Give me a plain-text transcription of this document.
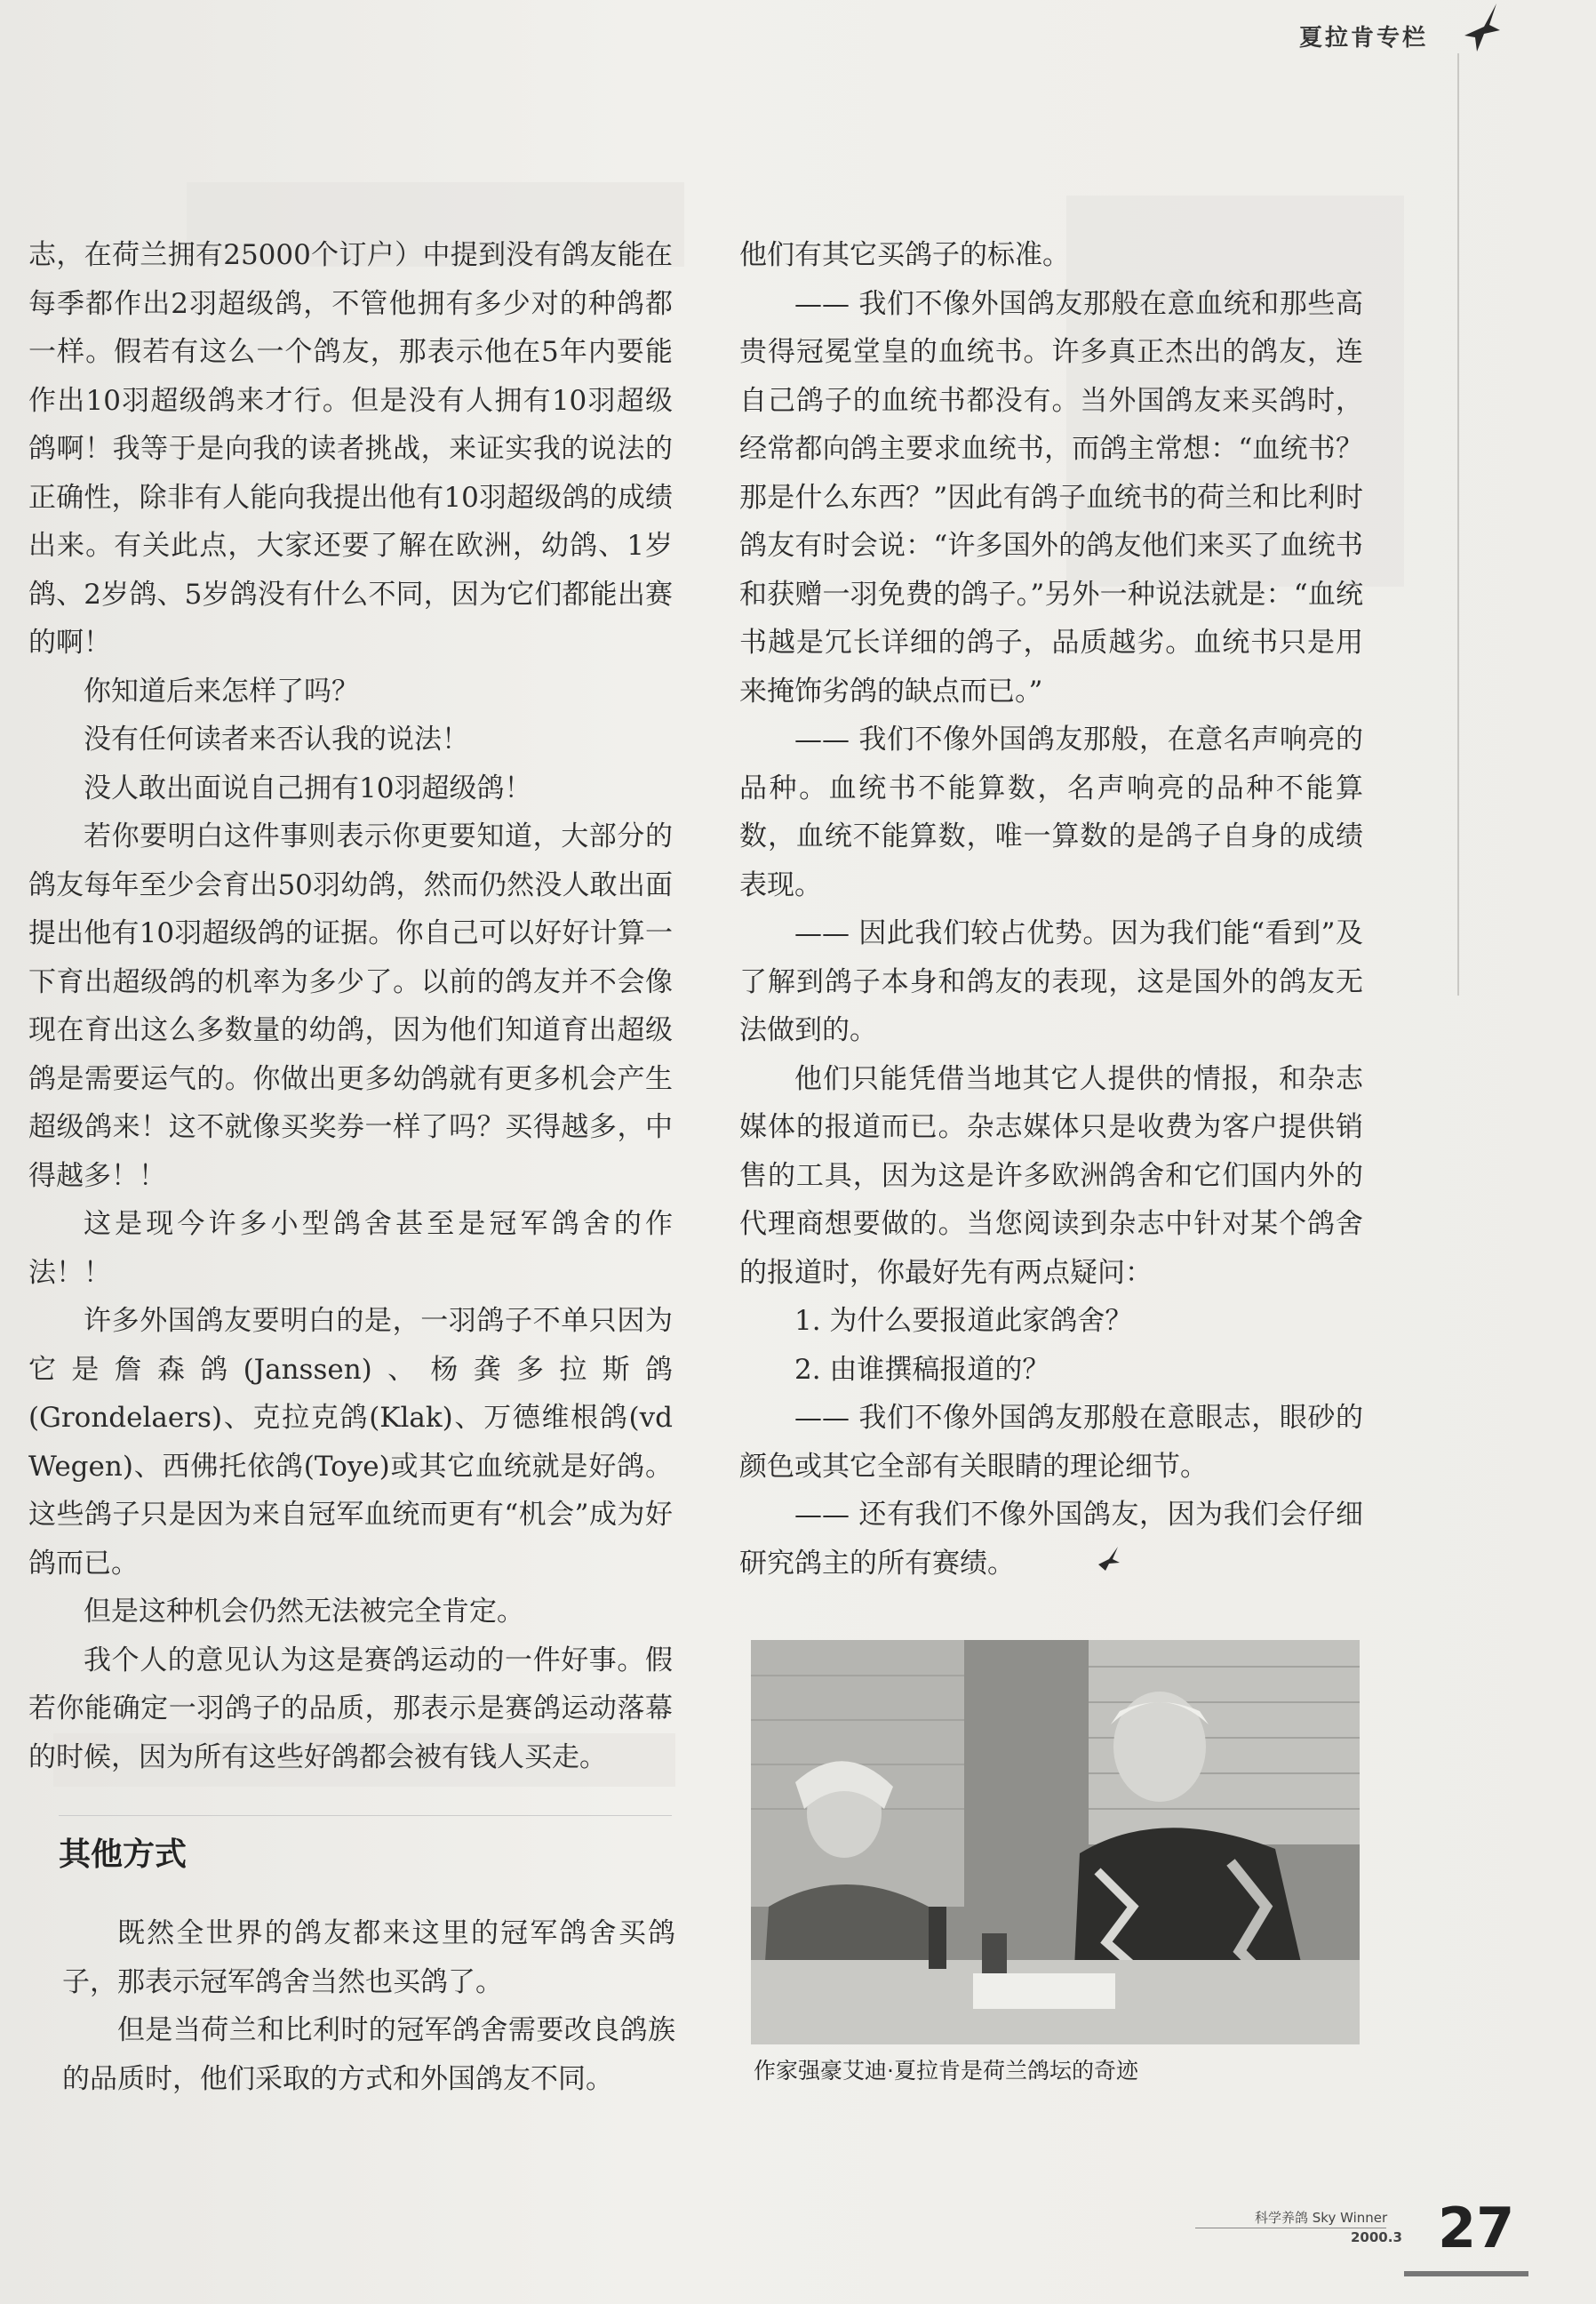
夏拉肯专栏

志，在荷兰拥有25000个订户）中提到没有鸽友能在每季都作出2羽超级鸽，不管他拥有多少对的种鸽都一样。假若有这么一个鸽友，那表示他在5年内要能作出10羽超级鸽来才行。但是没有人拥有10羽超级鸽啊！我等于是向我的读者挑战，来证实我的说法的正确性，除非有人能向我提出他有10羽超级鸽的成绩出来。有关此点，大家还要了解在欧洲，幼鸽、1岁鸽、2岁鸽、5岁鸽没有什么不同，因为它们都能出赛的啊！

你知道后来怎样了吗？

没有任何读者来否认我的说法！

没人敢出面说自己拥有10羽超级鸽！

若你要明白这件事则表示你更要知道，大部分的鸽友每年至少会育出50羽幼鸽，然而仍然没人敢出面提出他有10羽超级鸽的证据。你自己可以好好计算一下育出超级鸽的机率为多少了。以前的鸽友并不会像现在育出这么多数量的幼鸽，因为他们知道育出超级鸽是需要运气的。你做出更多幼鸽就有更多机会产生超级鸽来！这不就像买奖券一样了吗？买得越多，中得越多！！

这是现今许多小型鸽舍甚至是冠军鸽舍的作法！！

许多外国鸽友要明白的是，一羽鸽子不单只因为它是詹森鸽(Janssen)、杨龚多拉斯鸽(Grondelaers)、克拉克鸽(Klak)、万德维根鸽(vd Wegen)、西佛托依鸽(Toye)或其它血统就是好鸽。这些鸽子只是因为来自冠军血统而更有“机会”成为好鸽而已。

但是这种机会仍然无法被完全肯定。

我个人的意见认为这是赛鸽运动的一件好事。假若你能确定一羽鸽子的品质，那表示是赛鸽运动落幕的时候，因为所有这些好鸽都会被有钱人买走。

其他方式

既然全世界的鸽友都来这里的冠军鸽舍买鸽子，那表示冠军鸽舍当然也买鸽了。

但是当荷兰和比利时的冠军鸽舍需要改良鸽族的品质时，他们采取的方式和外国鸽友不同。

他们有其它买鸽子的标准。

—— 我们不像外国鸽友那般在意血统和那些高贵得冠冕堂皇的血统书。许多真正杰出的鸽友，连自己鸽子的血统书都没有。当外国鸽友来买鸽时，经常都向鸽主要求血统书，而鸽主常想：“血统书？那是什么东西？”因此有鸽子血统书的荷兰和比利时鸽友有时会说：“许多国外的鸽友他们来买了血统书和获赠一羽免费的鸽子。”另外一种说法就是：“血统书越是冗长详细的鸽子，品质越劣。血统书只是用来掩饰劣鸽的缺点而已。”

—— 我们不像外国鸽友那般，在意名声响亮的品种。血统书不能算数，名声响亮的品种不能算数，血统不能算数，唯一算数的是鸽子自身的成绩表现。

—— 因此我们较占优势。因为我们能“看到”及了解到鸽子本身和鸽友的表现，这是国外的鸽友无法做到的。

他们只能凭借当地其它人提供的情报，和杂志媒体的报道而已。杂志媒体只是收费为客户提供销售的工具，因为这是许多欧洲鸽舍和它们国内外的代理商想要做的。当您阅读到杂志中针对某个鸽舍的报道时，你最好先有两点疑问：

1. 为什么要报道此家鸽舍？

2. 由谁撰稿报道的？

—— 我们不像外国鸽友那般在意眼志，眼砂的颜色或其它全部有关眼睛的理论细节。

—— 还有我们不像外国鸽友，因为我们会仔细研究鸽主的所有赛绩。

作家强豪艾迪·夏拉肯是荷兰鸽坛的奇迹
科学养鸽 Sky Winner
2000.3 27
